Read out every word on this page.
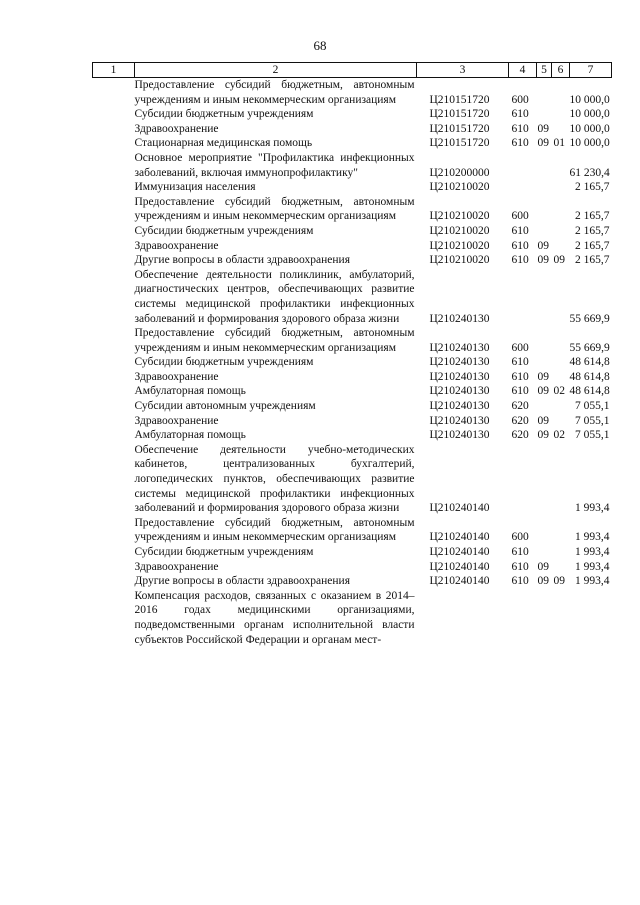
68
1	2	3	4	5	6	7
	Предоставление субсидий бюджетным, автономным учреждениям и иным некоммерческим организациям	Ц210151720	600			10 000,0
	Субсидии бюджетным учреждениям	Ц210151720	610			10 000,0
	Здравоохранение	Ц210151720	610	09		10 000,0
	Стационарная медицинская помощь	Ц210151720	610	09	01	10 000,0
	Основное мероприятие "Профилактика инфекционных заболеваний, включая иммунопрофилактику"	Ц210200000				61 230,4
	Иммунизация населения	Ц210210020				2 165,7
	Предоставление субсидий бюджетным, автономным учреждениям и иным некоммерческим организациям	Ц210210020	600			2 165,7
	Субсидии бюджетным учреждениям	Ц210210020	610			2 165,7
	Здравоохранение	Ц210210020	610	09		2 165,7
	Другие вопросы в области здравоохранения	Ц210210020	610	09	09	2 165,7
	Обеспечение деятельности поликлиник, амбулаторий, диагностических центров, обеспечивающих развитие системы медицинской профилактики инфекционных заболеваний и формирования здорового образа жизни	Ц210240130				55 669,9
	Предоставление субсидий бюджетным, автономным учреждениям и иным некоммерческим организациям	Ц210240130	600			55 669,9
	Субсидии бюджетным учреждениям	Ц210240130	610			48 614,8
	Здравоохранение	Ц210240130	610	09		48 614,8
	Амбулаторная помощь	Ц210240130	610	09	02	48 614,8
	Субсидии автономным учреждениям	Ц210240130	620			7 055,1
	Здравоохранение	Ц210240130	620	09		7 055,1
	Амбулаторная помощь	Ц210240130	620	09	02	7 055,1
	Обеспечение деятельности учебно-методических кабинетов, централизованных бухгалтерий, логопедических пунктов, обеспечивающих развитие системы медицинской профилактики инфекционных заболеваний и формирования здорового образа жизни	Ц210240140				1 993,4
	Предоставление субсидий бюджетным, автономным учреждениям и иным некоммерческим организациям	Ц210240140	600			1 993,4
	Субсидии бюджетным учреждениям	Ц210240140	610			1 993,4
	Здравоохранение	Ц210240140	610	09		1 993,4
	Другие вопросы в области здравоохранения	Ц210240140	610	09	09	1 993,4
	Компенсация расходов, связанных с оказанием в 2014–2016 годах медицинскими организациями, подведомственными органам исполнительной власти субъектов Российской Федерации и органам мест-					
